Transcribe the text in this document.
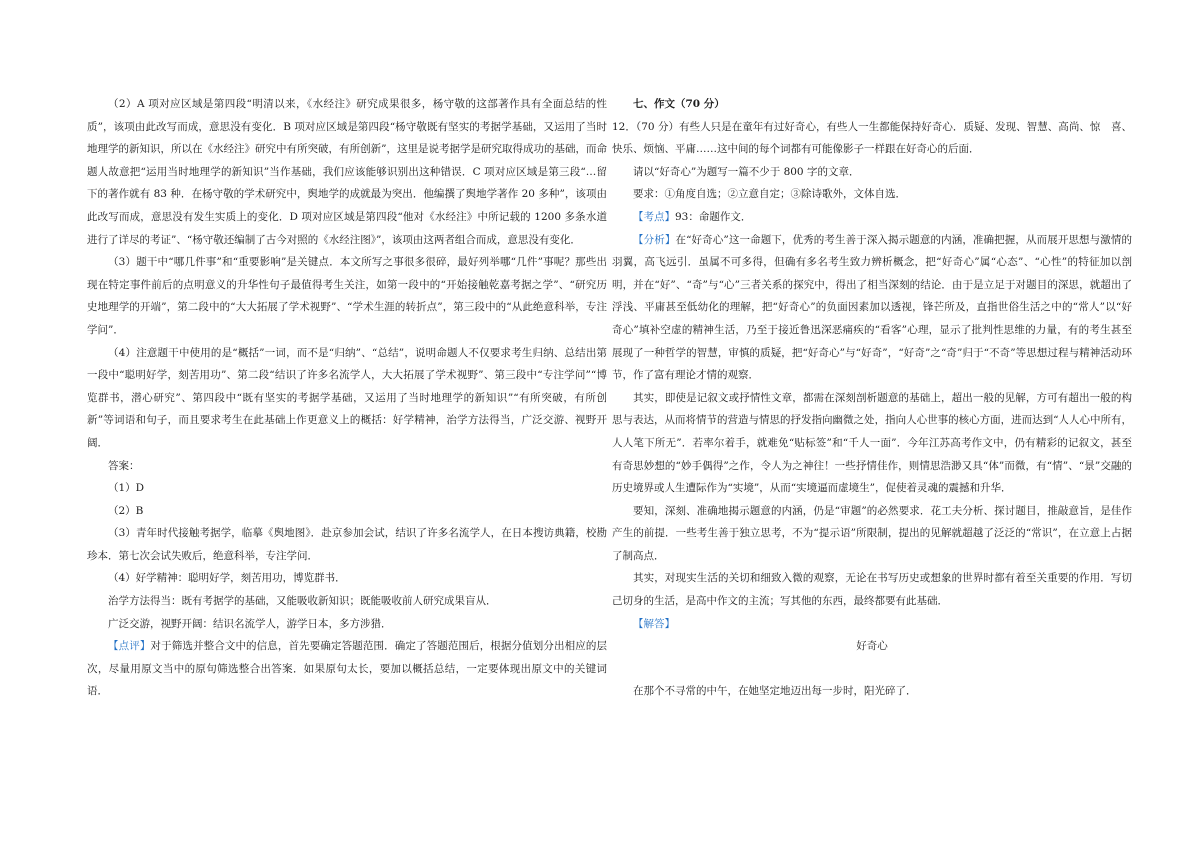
（2）A 项对应区域是第四段“明清以来，《水经注》研究成果很多，杨守敬的这部著作具有全面总结的性质”，该项由此改写而成，意思没有变化．B 项对应区域是第四段“杨守敬既有坚实的考据学基础，又运用了当时地理学的新知识，所以在《水经注》研究中有所突破，有所创新”，这里是说考据学是研究取得成功的基础，而命题人故意把“运用当时地理学的新知识”当作基础，我们应该能够识别出这种错误．C 项对应区域是第三段“…留下的著作就有 83 种．在杨守敬的学术研究中，舆地学的成就最为突出．他编撰了舆地学著作 20 多种”，该项由此改写而成，意思没有发生实质上的变化．D 项对应区域是第四段“他对《水经注》中所记载的 1200 多条水道进行了详尽的考证”、“杨守敬还编制了古今对照的《水经注图》”，该项由这两者组合而成，意思没有变化．

（3）题干中“哪几件事”和“重要影响”是关键点．本文所写之事很多很碎，最好列举哪“几件”事呢？那些出现在特定事件前后的点明意义的升华性句子最值得考生关注，如第一段中的“开始接触乾嘉考据之学”、“研究历史地理学的开端”，第二段中的“大大拓展了学术视野”、“学术生涯的转折点”，第三段中的“从此绝意科举，专注学问”．

（4）注意题干中使用的是“概括”一词，而不是“归纳”、“总结”，说明命题人不仅要求考生归纳、总结出第一段中“聪明好学，刻苦用功”、第二段“结识了许多名流学人，大大拓展了学术视野”、第三段中“专注学问”“博览群书，潜心研究”、第四段中“既有坚实的考据学基础，又运用了当时地理学的新知识”“有所突破，有所创新”等词语和句子，而且要求考生在此基础上作更意义上的概括：好学精神，治学方法得当，广泛交游、视野开阔．

答案：

（1）D

（2）B

（3）青年时代接触考据学，临摹《舆地图》．赴京参加会试，结识了许多名流学人，在日本搜访典籍，校勘珍本．第七次会试失败后，绝意科举，专注学问．

（4）好学精神：聪明好学，刻苦用功，博览群书．

治学方法得当：既有考据学的基础，又能吸收新知识；既能吸收前人研究成果盲从．

广泛交游，视野开阔：结识名流学人，游学日本，多方涉猎．

【点评】对于筛选并整合文中的信息，首先要确定答题范围．确定了答题范围后，根据分值划分出相应的层次，尽量用原文当中的原句筛选整合出答案．如果原句太长，要加以概括总结，一定要体现出原文中的关键词语．

七、作文（70 分）

12．（70 分）有些人只是在童年有过好奇心，有些人一生都能保持好奇心．质疑、发现、智慧、高尚、惊　喜、快乐、烦恼、平庸……这中间的每个词都有可能像影子一样跟在好奇心的后面．

请以“好奇心”为题写一篇不少于 800 字的文章．

要求：①角度自选；②立意自定；③除诗歌外，文体自选．

【考点】93：命题作文．

【分析】在“好奇心”这一命题下，优秀的考生善于深入揭示题意的内涵，准确把握，从而展开思想与激情的羽翼，高飞远引．虽属不可多得，但确有多名考生致力辨析概念，把“好奇心”属“心态”、“心性”的特征加以剖明，并在“好”、“奇”与“心”三者关系的探究中，得出了相当深刻的结论．由于是立足于对题目的深思，就超出了浮浅、平庸甚至低幼化的理解，把“好奇心”的负面因素加以透视，锋芒所及，直指世俗生活之中的“常人”以“好奇心”填补空虚的精神生活，乃至于接近鲁迅深恶痛疾的“看客”心理，显示了批判性思维的力量，有的考生甚至展现了一种哲学的智慧，审慎的质疑，把“好奇心”与“好奇”，“好奇”之“奇”归于“不奇”等思想过程与精神活动环节，作了富有理论才情的观察．

其实，即使是记叙文或抒情性文章，都需在深刻剖析题意的基础上，超出一般的见解，方可有超出一般的构思与表达，从而将情节的营造与情思的抒发指向幽微之处，指向人心世事的核心方面，进而达到“人人心中所有，人人笔下所无”．若率尔着手，就难免“贴标签”和“千人一面”．今年江苏高考作文中，仍有精彩的记叙文，甚至有奇思妙想的“妙手偶得”之作，令人为之神往！一些抒情佳作，则情思浩渺又具“体”而微，有“情”、“景”交融的历史境界或人生遭际作为“实境”，从而“实境逼而虚境生”，促使着灵魂的震撼和升华．

要知，深刻、准确地揭示题意的内涵，仍是“审题”的必然要求．花工夫分析、探讨题目，推敲意旨，是佳作产生的前提．一些考生善于独立思考，不为“提示语”所限制，提出的见解就超越了泛泛的“常识”，在立意上占据了制高点．

其实，对现实生活的关切和细致入微的观察，无论在书写历史或想象的世界时都有着至关重要的作用．写切己切身的生活，是高中作文的主流；写其他的东西，最终都要有此基础．

【解答】

好奇心

在那个不寻常的中午，在她坚定地迈出每一步时，阳光碎了．
